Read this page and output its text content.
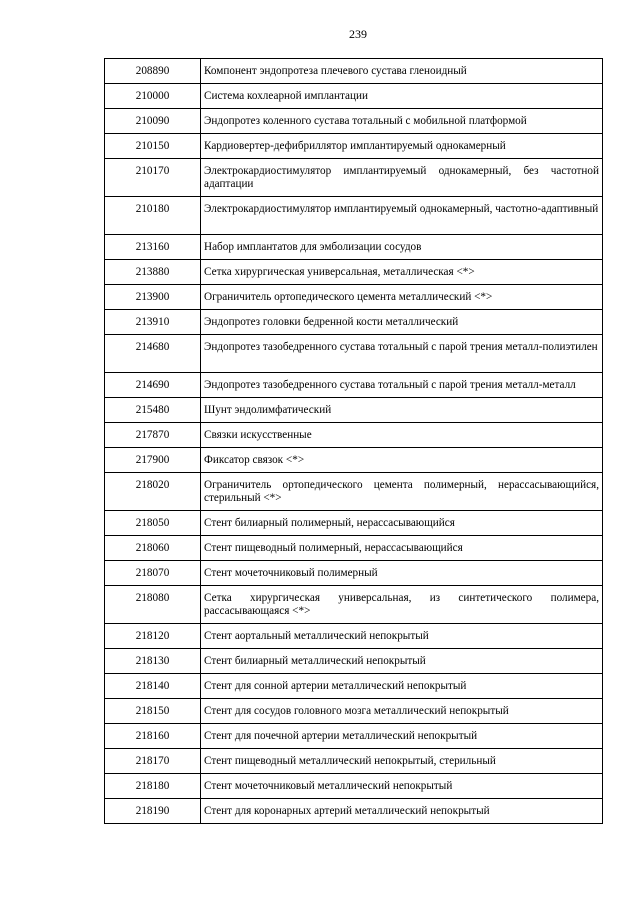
239
208890	Компонент эндопротеза плечевого сустава гленоидный
210000	Система кохлеарной имплантации
210090	Эндопротез коленного сустава тотальный с мобильной платформой
210150	Кардиовертер-дефибриллятор имплантируемый однокамерный
210170	Электрокардиостимулятор имплантируемый однокамерный, без частотной адаптации
210180	Электрокардиостимулятор имплантируемый однокамерный, частотно-адаптивный
213160	Набор имплантатов для эмболизации сосудов
213880	Сетка хирургическая универсальная, металлическая <*>
213900	Ограничитель ортопедического цемента металлический <*>
213910	Эндопротез головки бедренной кости металлический
214680	Эндопротез тазобедренного сустава тотальный с парой трения металл-полиэтилен
214690	Эндопротез тазобедренного сустава тотальный с парой трения металл-металл
215480	Шунт эндолимфатический
217870	Связки искусственные
217900	Фиксатор связок <*>
218020	Ограничитель ортопедического цемента полимерный, нерассасывающийся, стерильный <*>
218050	Стент билиарный полимерный, нерассасывающийся
218060	Стент пищеводный полимерный, нерассасывающийся
218070	Стент мочеточниковый полимерный
218080	Сетка хирургическая универсальная, из синтетического полимера, рассасывающаяся <*>
218120	Стент аортальный металлический непокрытый
218130	Стент билиарный металлический непокрытый
218140	Стент для сонной артерии металлический непокрытый
218150	Стент для сосудов головного мозга металлический непокрытый
218160	Стент для почечной артерии металлический непокрытый
218170	Стент пищеводный металлический непокрытый, стерильный
218180	Стент мочеточниковый металлический непокрытый
218190	Стент для коронарных артерий металлический непокрытый
